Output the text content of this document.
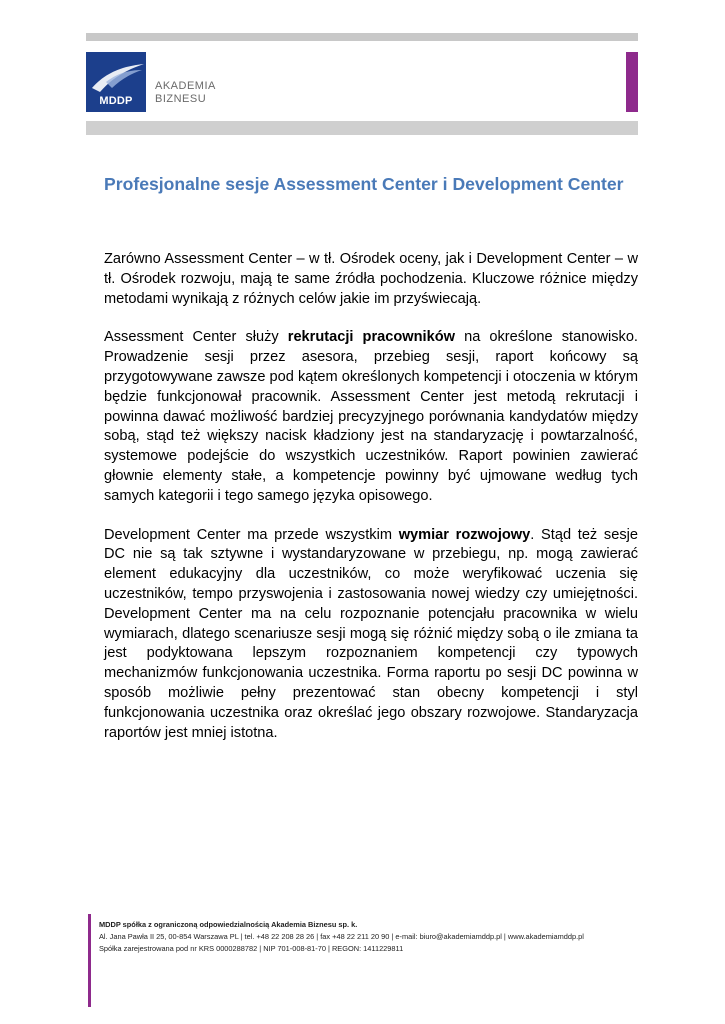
MDDP
AKADEMIA
BIZNESU
Profesjonalne sesje Assessment Center i Development Center

Zarówno Assessment Center – w tł. Ośrodek oceny, jak i Development Center – w tł. Ośrodek rozwoju, mają te same źródła pochodzenia. Kluczowe różnice między metodami wynikają z różnych celów jakie im przyświecają.

Assessment Center służy rekrutacji pracowników na określone stanowisko. Prowadzenie sesji przez asesora, przebieg sesji, raport końcowy są przygotowywane zawsze pod kątem określonych kompetencji i otoczenia w którym będzie funkcjonował pracownik. Assessment Center jest metodą rekrutacji i powinna dawać możliwość bardziej precyzyjnego porównania kandydatów między sobą, stąd też większy nacisk kładziony jest na standaryzację i powtarzalność, systemowe podejście do wszystkich uczestników. Raport powinien zawierać głownie elementy stałe, a kompetencje powinny być ujmowane według tych samych kategorii i tego samego języka opisowego.

Development Center ma przede wszystkim wymiar rozwojowy. Stąd też sesje DC nie są tak sztywne i wystandaryzowane w przebiegu, np. mogą zawierać element edukacyjny dla uczestników, co może weryfikować uczenia się uczestników, tempo przyswojenia i zastosowania nowej wiedzy czy umiejętności. Development Center ma na celu rozpoznanie potencjału pracownika w wielu wymiarach, dlatego scenariusze sesji mogą się różnić między sobą o ile zmiana ta jest podyktowana lepszym rozpoznaniem kompetencji czy typowych mechanizmów funkcjonowania uczestnika. Forma raportu po sesji DC powinna w sposób możliwie pełny prezentować stan obecny kompetencji i styl funkcjonowania uczestnika oraz określać jego obszary rozwojowe. Standaryzacja raportów jest mniej istotna.

MDDP spółka z ograniczoną odpowiedzialnością Akademia Biznesu sp. k.
Al. Jana Pawła II 25, 00-854 Warszawa PL | tel. +48 22 208 28 26 | fax +48 22 211 20 90 | e-mail: biuro@akademiamddp.pl | www.akademiamddp.pl
Spółka zarejestrowana pod nr KRS 0000288782 | NIP 701-008-81-70 | REGON: 1411229811
